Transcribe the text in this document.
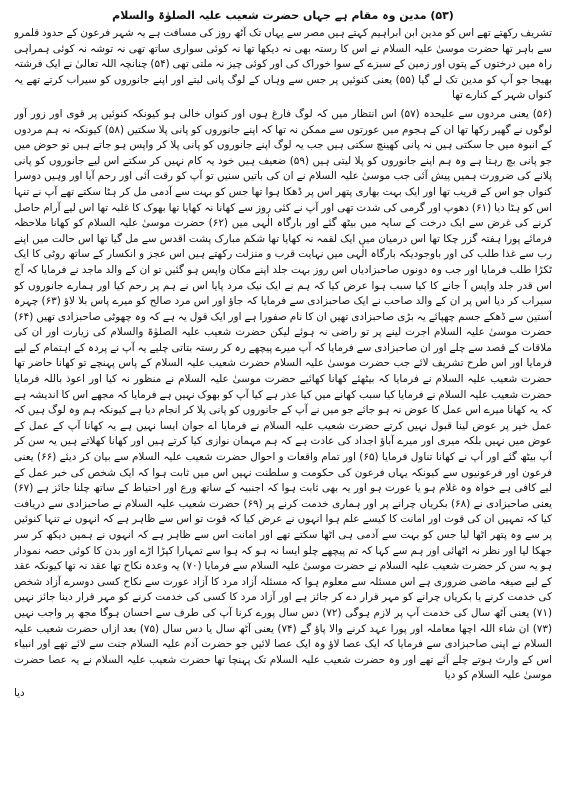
(۵۳) مدین وہ مقام ہے جہاں حضرت شعیب علیہ الصلوٰۃ والسلام

تشریف رکھتے تھے اس کو مدین ابن ابراہیم کہتے ہیں مصر سے یہاں تک آٹھ روز کی مسافت ہے یہ شہر فرعون کے حدود قلمرو سے باہر تھا حضرت موسیٰ علیہ السلام نے اس کا رستہ بھی نہ دیکھا تھا نہ کوئی سواری ساتھ تھی نہ توشہ نہ کوئی ہمراہی راہ میں درختوں کے پتوں اور زمین کے سبزے کے سوا خوراک کی اور کوئی چیز نہ ملتی تھی (۵۴) چنانچہ اللہ تعالیٰ نے ایک فرشتہ بھیجا جو آپ کو مدین تک لے گیا (۵۵) یعنی کنوئیں پر جس سے وہاں کے لوگ پانی لیتے اور اپنے جانوروں کو سیراب کرتے تھے یہ کنواں شہر کے کنارے تھا

(۵۶) یعنی مردوں سے علیحدہ (۵۷) اس انتظار میں کہ لوگ فارغ ہوں اور کنواں خالی ہو کیونکہ کنوئیں پر قوی اور زور آور لوگوں نے گھیر رکھا تھا ان کے ہجوم میں عورتوں سے ممکن نہ تھا کہ اپنے جانوروں کو پانی پلا سکتیں (۵۸) کیونکہ نہ ہم مردوں کے انبوہ میں جا سکتی ہیں نہ پانی کھینچ سکتی ہیں جب یہ لوگ اپنے جانوروں کو پانی پلا کر واپس ہو جاتے ہیں تو حوض میں جو پانی بچ رہتا ہے وہ ہم اپنے جانوروں کو پلا لیتی ہیں (۵۹) ضعیف ہیں خود یہ کام نہیں کر سکتے اس لیے جانوروں کو پانی پلانے کی ضرورت ہمیں پیش آئی جب موسیٰ علیہ السلام نے ان کی باتیں سنیں تو آپ کو رقت آئی اور رحم آیا اور وہیں دوسرا کنواں جو اس کے قریب تھا اور ایک بہت بھاری پتھر اس پر ڈھکا ہوا تھا جس کو بہت سے آدمی مل کر ہٹا سکتے تھے آپ نے تنہا اس کو ہٹا دیا (۶۱) دھوپ اور گرمی کی شدت تھی اور آپ نے کئی روز سے کھانا نہ کھایا تھا بھوک کا غلبہ تھا اس لیے آرام حاصل کرنے کی غرض سے ایک درخت کے سایہ میں بیٹھ گئے اور بارگاہ الٰہی میں (۶۲) حضرت موسیٰ علیہ السلام کو کھانا ملاحظہ فرمائے پورا ہفتہ گزر چکا تھا اس درمیان میں ایک لقمہ نہ کھایا تھا شکم مبارک پشت اقدس سے مل گیا تھا اس حالت میں اپنے رب سے غذا طلب کی اور باوجودیکہ بارگاہ الٰہی میں نہایت قرب و منزلت رکھتے ہیں اس عجز و انکسار کے ساتھ روٹی کا ایک ٹکڑا طلب فرمایا اور جب وہ دونوں صاحبزادیاں اس روز بہت جلد اپنے مکان واپس ہو گئیں تو ان کے والد ماجد نے فرمایا کہ آج اس قدر جلد واپس آ جانے کا کیا سبب ہوا عرض کیا کہ ہم نے ایک نیک مرد پایا اس نے ہم پر رحم کیا اور ہمارے جانوروں کو سیراب کر دیا اس پر ان کے والد صاحب نے ایک صاحبزادی سے فرمایا کہ جاؤ اور اس مرد صالح کو میرے پاس بلا لاؤ (۶۳) چہرہ آستین سے ڈھکے جسم چھپائے یہ بڑی صاحبزادی تھیں ان کا نام صفورا ہے اور ایک قول یہ ہے کہ وہ چھوٹی صاحبزادی تھیں (۶۴) حضرت موسیٰ علیہ السلام اجرت لینے پر تو راضی نہ ہوئے لیکن حضرت شعیب علیہ الصلوٰۃ والسلام کی زیارت اور ان کی ملاقات کے قصد سے چلے اور ان صاحبزادی سے فرمایا کہ آپ میرے پیچھے رہ کر رستہ بتاتی چلیے یہ آپ نے پردہ کے اہتمام کے لیے فرمایا اور اس طرح تشریف لائے جب حضرت موسیٰ علیہ السلام حضرت شعیب علیہ السلام کے پاس پہنچے تو کھانا حاضر تھا حضرت شعیب علیہ السلام نے فرمایا کہ بیٹھئے کھانا کھائیے حضرت موسیٰ علیہ السلام نے منظور نہ کیا اور اعوذ باللہ فرمایا حضرت شعیب علیہ السلام نے فرمایا کیا سبب کھانے میں کیا عذر ہے کیا آپ کو بھوک نہیں ہے فرمایا کہ مجھے اس کا اندیشہ ہے کہ یہ کھانا میرے اس عمل کا عوض نہ ہو جائے جو میں نے آپ کے جانوروں کو پانی پلا کر انجام دیا ہے کیونکہ ہم وہ لوگ ہیں کہ عمل خیر پر عوض لینا قبول نہیں کرتے حضرت شعیب علیہ السلام نے فرمایا اے جوان ایسا نہیں ہے یہ کھانا آپ کے عمل کے عوض میں نہیں بلکہ میری اور میرے آباؤ اجداد کی عادت ہے کہ ہم مہمان نوازی کیا کرتے ہیں اور کھانا کھلاتے ہیں یہ سن کر آپ بیٹھ گئے اور آپ نے کھانا تناول فرمایا (۶۵) اور تمام واقعات و احوال حضرت شعیب علیہ السلام سے بیان کر دیئے (۶۶) یعنی فرعون اور فرعونیوں سے کیونکہ یہاں فرعون کی حکومت و سلطنت نہیں اس میں ثابت ہوا کہ ایک شخص کی خبر عمل کے لیے کافی ہے خواہ وہ غلام ہو یا عورت ہو اور یہ بھی ثابت ہوا کہ اجنبیہ کے ساتھ ورع اور احتیاط کے ساتھ چلنا جائز ہے (۶۷) یعنی صاحبزادی نے (۶۸) بکریاں چرانے پر اور ہماری خدمت کرنے پر (۶۹) حضرت شعیب علیہ السلام نے صاحبزادی سے دریافت کیا کہ تمہیں ان کی قوت اور امانت کا کیسے علم ہوا انہوں نے عرض کیا کہ قوت تو اس سے ظاہر ہے کہ انہوں نے تنہا کنوئیں پر سے وہ پتھر اٹھا لیا جس کو بہت سے آدمی ہی اٹھا سکتے تھے اور امانت اس سے ظاہر ہے کہ انہوں نے ہمیں دیکھ کر سر جھکا لیا اور نظر نہ اٹھائی اور ہم سے کہا کہ تم پیچھے چلو ایسا نہ ہو کہ ہوا سے تمہارا کپڑا اڑے اور بدن کا کوئی حصہ نمودار ہو یہ سن کر حضرت شعیب علیہ السلام نے حضرت موسیٰ علیہ السلام سے فرمایا (۷۰) یہ وعدہ نکاح تھا عقد نہ تھا کیونکہ عقد کے لیے صیغہ ماضی ضروری ہے اس مسئلہ سے معلوم ہوا کہ مسئلہ آزاد مرد کا آزاد عورت سے نکاح کسی دوسرے آزاد شخص کی خدمت کرنے یا بکریاں چرانے کو مہر قرار دے کر جائز ہے اور آزاد مرد کا کسی کی خدمت کرنے کو مہر قرار دینا جائز نہیں (۷۱) یعنی آٹھ سال کی خدمت آپ پر لازم ہوگی (۷۲) دس سال پورے کرنا آپ کی طرف سے احسان ہوگا مجھ پر واجب نہیں (۷۳) ان شاء اللہ اچھا معاملہ اور پورا عہد کرنے والا پاؤ گے (۷۴) یعنی آٹھ سال یا دس سال (۷۵) بعد ازاں حضرت شعیب علیہ السلام نے اپنی صاحبزادی سے فرمایا کہ ایک عصا لاؤ وہ ایک عصا لائیں جو حضرت آدم علیہ السلام جنت سے لائے تھے اور انبیاء اس کے وارث ہوتے چلے آئے تھے اور وہ حضرت شعیب علیہ السلام تک پہنچا تھا حضرت شعیب علیہ السلام نے یہ عصا حضرت موسیٰ علیہ السلام کو دیا

دیا
